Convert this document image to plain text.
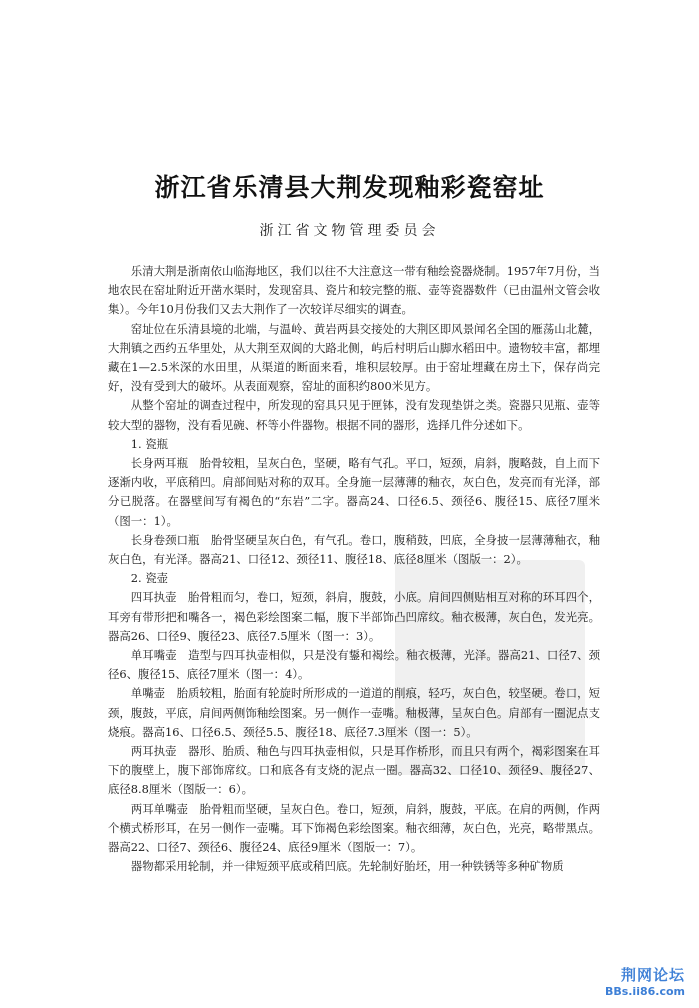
浙江省乐清县大荆发现釉彩瓷窑址
浙江省文物管理委员会

乐清大荆是浙南依山临海地区，我们以往不大注意这一带有釉绘瓷器烧制。1957年7月份，当地农民在窑址附近开凿水渠时，发现窑具、瓷片和较完整的瓶、壶等瓷器数件（已由温州文管会收集）。今年10月份我们又去大荆作了一次较详尽细实的调查。

窑址位在乐清县境的北端，与温岭、黄岩两县交接处的大荆区即风景闻名全国的雁荡山北麓，大荆镇之西约五华里处，从大荆至双阆的大路北侧，屿后村明后山脚水稻田中。遗物较丰富，都埋藏在1—2.5米深的水田里，从渠道的断面来看，堆积层较厚。由于窑址埋藏在房土下，保存尚完好，没有受到大的破坏。从表面观察，窑址的面积约800米见方。

从整个窑址的调查过程中，所发现的窑具只见于匣钵，没有发现垫饼之类。瓷器只见瓶、壶等较大型的器物，没有看见碗、杯等小件器物。根据不同的器形，选择几件分述如下。

1. 瓷瓶

长身两耳瓶　胎骨较粗，呈灰白色，坚硬，略有气孔。平口，短颈，肩斜，腹略鼓，自上而下逐渐内收，平底稍凹。肩部间贴对称的双耳。全身施一层薄薄的釉衣，灰白色，发亮而有光泽，部分已脱落。在器壁间写有褐色的“东岩”二字。器高24、口径6.5、颈径6、腹径15、底径7厘米（图一：1）。

长身卷颈口瓶　胎骨坚硬呈灰白色，有气孔。卷口，腹稍鼓，凹底，全身披一层薄薄釉衣，釉灰白色，有光泽。器高21、口径12、颈径11、腹径18、底径8厘米（图版一：2）。

2. 瓷壶

四耳执壶　胎骨粗而匀，卷口，短颈，斜肩，腹鼓，小底。肩间四侧贴相互对称的环耳四个，耳旁有带形把和嘴各一，褐色彩绘图案二幅，腹下半部饰凸凹席纹。釉衣极薄，灰白色，发光亮。器高26、口径9、腹径23、底径7.5厘米（图一：3）。

单耳嘴壶　造型与四耳执壶相似，只是没有鋬和褐绘。釉衣极薄，光泽。器高21、口径7、颈径6、腹径15、底径7厘米（图一：4）。

单嘴壶　胎质较粗，胎面有轮旋时所形成的一道道的削痕，轻巧，灰白色，较坚硬。卷口，短颈，腹鼓，平底，肩间两侧饰釉绘图案。另一侧作一壶嘴。釉极薄，呈灰白色。肩部有一圈泥点支烧痕。器高16、口径6.5、颈径5.5、腹径18、底径7.3厘米（图一：5）。

两耳执壶　器形、胎质、釉色与四耳执壶相似，只是耳作桥形，而且只有两个，褐彩图案在耳下的腹壁上，腹下部饰席纹。口和底各有支烧的泥点一圈。器高32、口径10、颈径9、腹径27、底径8.8厘米（图版一：6）。

两耳单嘴壶　胎骨粗而坚硬，呈灰白色。卷口，短颈，肩斜，腹鼓，平底。在肩的两侧，作两个横式桥形耳，在另一侧作一壶嘴。耳下饰褐色彩绘图案。釉衣细薄，灰白色，光亮，略带黑点。器高22、口径7、颈径6、腹径24、底径9厘米（图版一：7）。

器物都采用轮制，并一律短颈平底或稍凹底。先轮制好胎坯，用一种铁锈等多种矿物质

荆网论坛
BBs.ii86.com
